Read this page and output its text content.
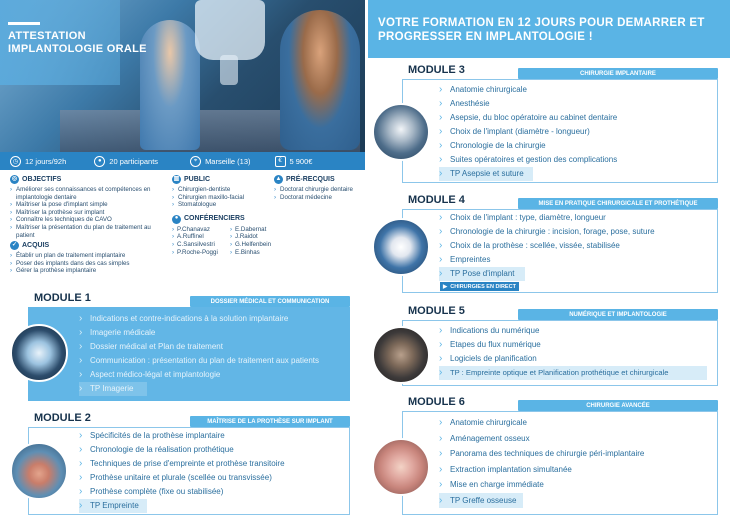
ATTESTATION IMPLANTOLOGIE ORALE
◷ 12 jours/92h	●	20 participants	⌖	Marseille (13)	€	5 900€
◎ OBJECTIFS
› Améliorer ses connaissances et compétences en implantologie dentaire
› Maîtriser la pose d'implant simple
› Maîtriser la prothèse sur implant
› Connaître les techniques de CAVO
› Maîtriser la présentation du plan de traitement au patient
✓ ACQUIS
› Établir un plan de traitement implantaire
› Poser des implants dans des cas simples
› Gérer la prothèse implantaire
▥ PUBLIC
› Chirurgien-dentiste
› Chirurgien maxillo-facial
› Stomatologue
● CONFÉRENCIERS
› P.Chanavaz	› E.Dabernat
› A.Ruffinel	› J.Raidot
› C.Sansilvestri	› G.Helfenbein
› P.Roche-Poggi	› E.Binhas
▲ PRÉ-RECQUIS
› Doctorat chirurgie dentaire
› Doctorat médecine
MODULE 1	DOSSIER MÉDICAL ET COMMUNICATION
› Indications et contre-indications à la solution implantaire
› Imagerie médicale
› Dossier médical et Plan de traitement
› Communication : présentation du plan de traitement aux patients
› Aspect médico-légal et implantologie
› TP Imagerie
MODULE 2	MAÎTRISE DE LA PROTHÈSE SUR IMPLANT
› Spécificités de la prothèse implantaire
› Chronologie de la réalisation prothétique
› Techniques de prise d'empreinte et prothèse transitoire
› Prothèse unitaire et plurale (scellée ou transvissée)
› Prothèse complète (fixe ou stabilisée)
› TP Empreinte
VOTRE FORMATION EN 12 JOURS POUR DEMARRER ET PROGRESSER EN IMPLANTOLOGIE !
MODULE 3	CHIRURGIE IMPLANTAIRE
› Anatomie chirurgicale
› Anesthésie
› Asepsie, du bloc opératoire au cabinet dentaire
› Choix de l'implant (diamètre - longueur)
› Chronologie de la chirurgie
› Suites opératoires et gestion des complications
› TP Asepsie et suture
MODULE 4	MISE EN PRATIQUE CHIRURGICALE ET PROTHÉTIQUE
› Choix de l'implant : type, diamètre, longueur
› Chronologie de la chirurgie : incision, forage, pose, suture
› Choix de la prothèse : scellée, vissée, stabilisée
› Empreintes
› TP Pose d'implant
▶ CHIRURGIES EN DIRECT
MODULE 5	NUMÉRIQUE ET IMPLANTOLOGIE
› Indications du numérique
› Etapes du flux numérique
› Logiciels de planification
› TP : Empreinte optique et Planification prothétique et chirurgicale
MODULE 6	CHIRURGIE AVANCÉE
› Anatomie chirurgicale
› Aménagement osseux
› Panorama des techniques de chirurgie péri-implantaire
› Extraction implantation simultanée
› Mise en charge immédiate
› TP Greffe osseuse
